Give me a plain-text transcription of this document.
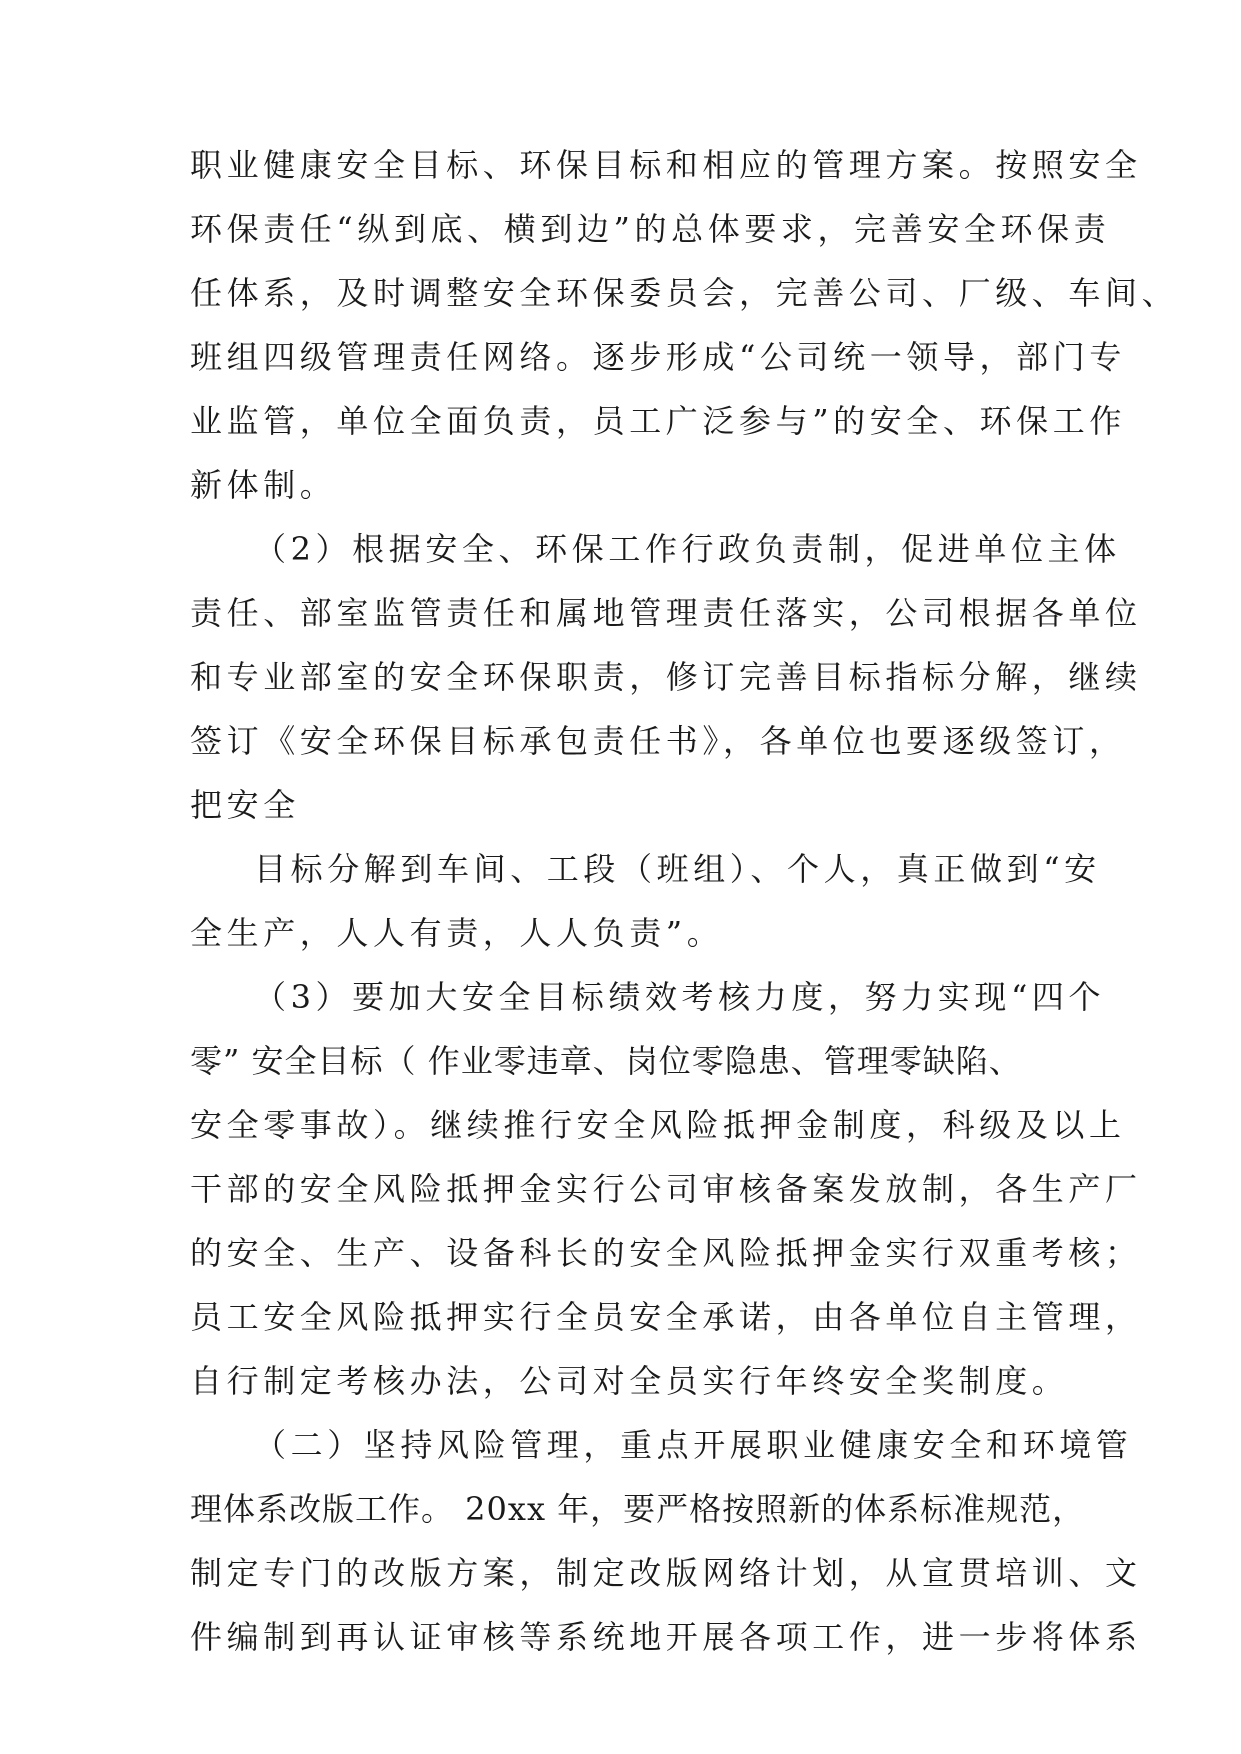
职业健康安全目标、环保目标和相应的管理方案。按照安全

环保责任“纵到底、横到边”的总体要求，完善安全环保责

任体系，及时调整安全环保委员会，完善公司、厂级、车间、

班组四级管理责任网络。逐步形成“公司统一领导，部门专

业监管，单位全面负责，员工广泛参与”的安全、环保工作

新体制。

（2）根据安全、环保工作行政负责制，促进单位主体

责任、部室监管责任和属地管理责任落实，公司根据各单位

和专业部室的安全环保职责，修订完善目标指标分解，继续

签订《安全环保目标承包责任书》，各单位也要逐级签订，

把安全

目标分解到车间、工段（班组）、个人，真正做到“安

全生产，人人有责，人人负责”。

（3）要加大安全目标绩效考核力度，努力实现“四个

零” 安全目标（ 作业零违章、岗位零隐患、管理零缺陷、

安全零事故）。继续推行安全风险抵押金制度，科级及以上

干部的安全风险抵押金实行公司审核备案发放制，各生产厂

的安全、生产、设备科长的安全风险抵押金实行双重考核；

员工安全风险抵押实行全员安全承诺，由各单位自主管理，

自行制定考核办法，公司对全员实行年终安全奖制度。

（二）坚持风险管理，重点开展职业健康安全和环境管

理体系改版工作。 20xx 年，要严格按照新的体系标准规范，

制定专门的改版方案，制定改版网络计划，从宣贯培训、文

件编制到再认证审核等系统地开展各项工作，进一步将体系
